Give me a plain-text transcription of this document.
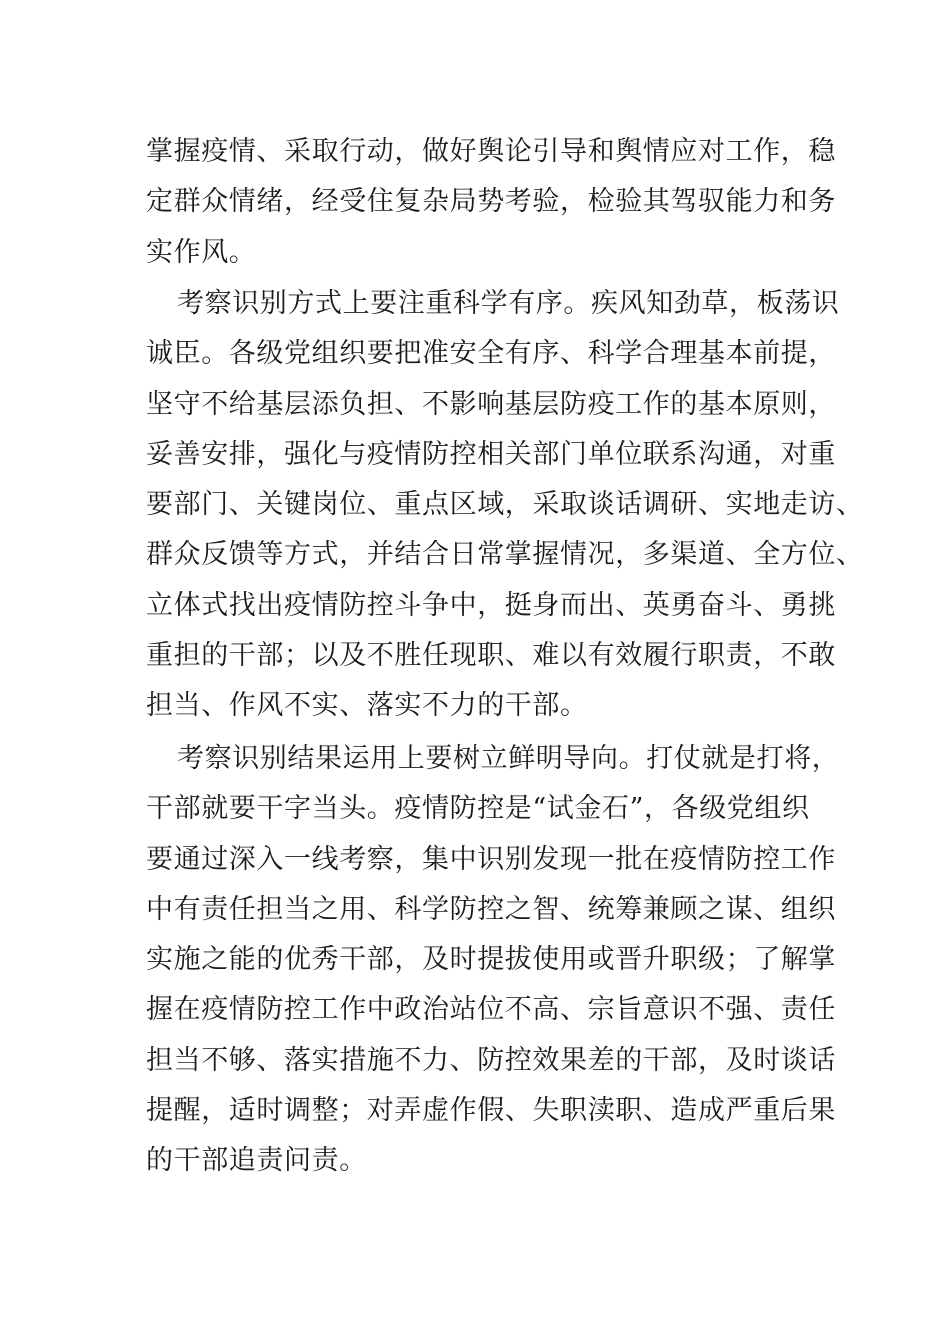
掌握疫情、采取行动，做好舆论引导和舆情应对工作，稳
定群众情绪，经受住复杂局势考验，检验其驾驭能力和务
实作风。
考察识别方式上要注重科学有序。疾风知劲草，板荡识
诚臣。各级党组织要把准安全有序、科学合理基本前提，
坚守不给基层添负担、不影响基层防疫工作的基本原则，
妥善安排，强化与疫情防控相关部门单位联系沟通，对重
要部门、关键岗位、重点区域，采取谈话调研、实地走访、
群众反馈等方式，并结合日常掌握情况，多渠道、全方位、
立体式找出疫情防控斗争中，挺身而出、英勇奋斗、勇挑
重担的干部；以及不胜任现职、难以有效履行职责，不敢
担当、作风不实、落实不力的干部。
考察识别结果运用上要树立鲜明导向。打仗就是打将，
干部就要干字当头。疫情防控是“试金石”，各级党组织
要通过深入一线考察，集中识别发现一批在疫情防控工作
中有责任担当之用、科学防控之智、统筹兼顾之谋、组织
实施之能的优秀干部，及时提拔使用或晋升职级；了解掌
握在疫情防控工作中政治站位不高、宗旨意识不强、责任
担当不够、落实措施不力、防控效果差的干部，及时谈话
提醒，适时调整；对弄虚作假、失职渎职、造成严重后果
的干部追责问责。
